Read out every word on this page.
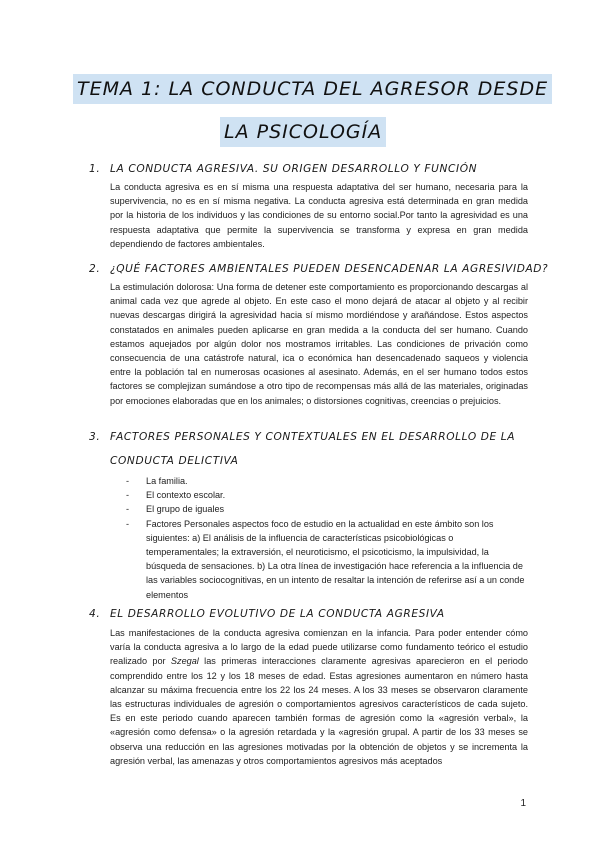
TEMA 1: LA CONDUCTA DEL AGRESOR DESDE
LA PSICOLOGÍA
1. LA CONDUCTA AGRESIVA. SU ORIGEN DESARROLLO Y FUNCIÓN

La conducta agresiva es en sí misma una respuesta adaptativa del ser humano, necesaria para la supervivencia, no es en sí misma negativa. La conducta agresiva está determinada en gran medida por la historia de los individuos y las condiciones de su entorno social.Por tanto la agresividad es una respuesta adaptativa que permite la supervivencia se transforma y expresa en gran medida dependiendo de factores ambientales.

2. ¿QUÉ FACTORES AMBIENTALES PUEDEN DESENCADENAR LA AGRESIVIDAD?

La estimulación dolorosa: Una forma de detener este comportamiento es proporcionando descargas al animal cada vez que agrede al objeto. En este caso el mono dejará de atacar al objeto y al recibir nuevas descargas dirigirá la agresividad hacia sí mismo mordiéndose y arañándose. Estos aspectos constatados en animales pueden aplicarse en gran medida a la conducta del ser humano. Cuando estamos aquejados por algún dolor nos mostramos irritables. Las condiciones de privación como consecuencia de una catástrofe natural, ica o económica han desencadenado saqueos y violencia entre la población tal en numerosas ocasiones al asesinato. Además, en el ser humano todos estos factores se complejizan sumándose a otro tipo de recompensas más allá de las materiales, originadas por emociones elaboradas que en los animales; o distorsiones cognitivas, creencias o prejuicios.

3. FACTORES PERSONALES Y CONTEXTUALES EN EL DESARROLLO DE LA
CONDUCTA DELICTIVA
- La familia.
- El contexto escolar.
- El grupo de iguales
- Factores Personales aspectos foco de estudio en la actualidad en este ámbito son los siguientes: a) El análisis de la influencia de características psicobiológicas o temperamentales; la extraversión, el neuroticismo, el psicoticismo, la impulsividad, la búsqueda de sensaciones. b) La otra línea de investigación hace referencia a la influencia de las variables sociocognitivas, en un intento de resaltar la intención de referirse así a un conde elementos
4. EL DESARROLLO EVOLUTIVO DE LA CONDUCTA AGRESIVA

Las manifestaciones de la conducta agresiva comienzan en la infancia. Para poder entender cómo varía la conducta agresiva a lo largo de la edad puede utilizarse como fundamento teórico el estudio realizado por Szegal las primeras interacciones claramente agresivas aparecieron en el periodo comprendido entre los 12 y los 18 meses de edad. Estas agresiones aumentaron en número hasta alcanzar su máxima frecuencia entre los 22 los 24 meses. A los 33 meses se observaron claramente las estructuras individuales de agresión o comportamientos agresivos característicos de cada sujeto. Es en este periodo cuando aparecen también formas de agresión como la «agresión verbal», la «agresión como defensa» o la agresión retardada y la «agresión grupal. A partir de los 33 meses se observa una reducción en las agresiones motivadas por la obtención de objetos y se incrementa la agresión verbal, las amenazas y otros comportamientos agresivos más aceptados

1
